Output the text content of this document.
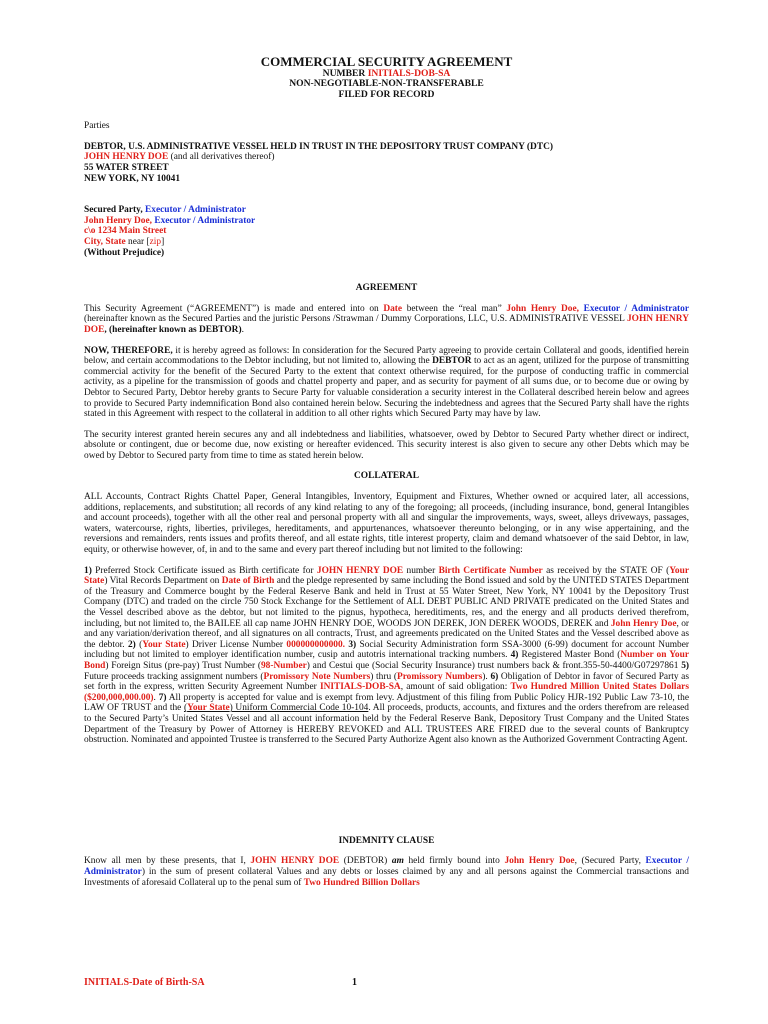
COMMERCIAL SECURITY AGREEMENT
NUMBER INITIALS-DOB-SA
NON-NEGOTIABLE-NON-TRANSFERABLE
FILED FOR RECORD

Parties

DEBTOR, U.S. ADMINISTRATIVE VESSEL HELD IN TRUST IN THE DEPOSITORY TRUST COMPANY (DTC)

JOHN HENRY DOE (and all derivatives thereof)

55 WATER STREET

NEW YORK, NY 10041

Secured Party, Executor / Administrator

John Henry Doe, Executor / Administrator

c\o 1234 Main Street

City, State near [zip]

(Without Prejudice)

AGREEMENT

This Security Agreement (“AGREEMENT”) is made and entered into on Date between the “real man” John Henry Doe, Executor / Administrator (hereinafter known as the Secured Parties and the juristic Persons /Strawman / Dummy Corporations, LLC, U.S. ADMINISTRATIVE VESSEL JOHN HENRY DOE, (hereinafter known as DEBTOR).

NOW, THEREFORE, it is hereby agreed as follows: In consideration for the Secured Party agreeing to provide certain Collateral and goods, identified herein below, and certain accommodations to the Debtor including, but not limited to, allowing the DEBTOR to act as an agent, utilized for the purpose of transmitting commercial activity for the benefit of the Secured Party to the extent that context otherwise required, for the purpose of conducting traffic in commercial activity, as a pipeline for the transmission of goods and chattel property and paper, and as security for payment of all sums due, or to become due or owing by Debtor to Secured Party, Debtor hereby grants to Secure Party for valuable consideration a security interest in the Collateral described herein below and agrees to provide to Secured Party indemnification Bond also contained herein below. Securing the indebtedness and agrees that the Secured Party shall have the rights stated in this Agreement with respect to the collateral in addition to all other rights which Secured Party may have by law.

The security interest granted herein secures any and all indebtedness and liabilities, whatsoever, owed by Debtor to Secured Party whether direct or indirect, absolute or contingent, due or become due, now existing or hereafter evidenced. This security interest is also given to secure any other Debts which may be owed by Debtor to Secured party from time to time as stated herein below.

COLLATERAL

ALL Accounts, Contract Rights Chattel Paper, General Intangibles, Inventory, Equipment and Fixtures, Whether owned or acquired later, all accessions, additions, replacements, and substitution; all records of any kind relating to any of the foregoing; all proceeds, (including insurance, bond, general Intangibles and account proceeds), together with all the other real and personal property with all and singular the improvements, ways, sweet, alleys driveways, passages, waters, watercourse, rights, liberties, privileges, hereditaments, and appurtenances, whatsoever thereunto belonging, or in any wise appertaining, and the reversions and remainders, rents issues and profits thereof, and all estate rights, title interest property, claim and demand whatsoever of the said Debtor, in law, equity, or otherwise however, of, in and to the same and every part thereof including but not limited to the following:

1) Preferred Stock Certificate issued as Birth certificate for JOHN HENRY DOE number Birth Certificate Number as received by the STATE OF (Your State) Vital Records Department on Date of Birth and the pledge represented by same including the Bond issued and sold by the UNITED STATES Department of the Treasury and Commerce bought by the Federal Reserve Bank and held in Trust at 55 Water Street, New York, NY 10041 by the Depository Trust Company (DTC) and traded on the circle 750 Stock Exchange for the Settlement of ALL DEBT PUBLIC AND PRIVATE predicated on the United States and the Vessel described above as the debtor, but not limited to the pignus, hypotheca, hereditiments, res, and the energy and all products derived therefrom, including, but not limited to, the BAILEE all cap name JOHN HENRY DOE, WOODS JON DEREK, JON DEREK WOODS, DEREK and John Henry Doe, or and any variation/derivation thereof, and all signatures on all contracts, Trust, and agreements predicated on the United States and the Vessel described above as the debtor. 2) (Your State) Driver License Number 000000000000. 3) Social Security Administration form SSA-3000 (6-99) document for account Number including but not limited to employer identification number, cusip and autotris international tracking numbers. 4) Registered Master Bond (Number on Your Bond) Foreign Situs (pre-pay) Trust Number (98-Number) and Cestui que (Social Security Insurance) trust numbers back & front.355-50-4400/G07297861 5) Future proceeds tracking assignment numbers (Promissory Note Numbers) thru (Promissory Numbers). 6) Obligation of Debtor in favor of Secured Party as set forth in the express, written Security Agreement Number INITIALS-DOB-SA, amount of said obligation: Two Hundred Million United States Dollars ($200,000,000.00). 7) All property is accepted for value and is exempt from levy. Adjustment of this filing from Public Policy HJR-192 Public Law 73-10, the LAW OF TRUST and the (Your State) Uniform Commercial Code 10-104. All proceeds, products, accounts, and fixtures and the orders therefrom are released to the Secured Party’s United States Vessel and all account information held by the Federal Reserve Bank, Depository Trust Company and the United States Department of the Treasury by Power of Attorney is HEREBY REVOKED and ALL TRUSTEES ARE FIRED due to the several counts of Bankruptcy obstruction. Nominated and appointed Trustee is transferred to the Secured Party Authorize Agent also known as the Authorized Government Contracting Agent.

INDEMNITY CLAUSE

Know all men by these presents, that I, JOHN HENRY DOE (DEBTOR) am held firmly bound into John Henry Doe, (Secured Party, Executor / Administrator) in the sum of present collateral Values and any debts or losses claimed by any and all persons against the Commercial transactions and Investments of aforesaid Collateral up to the penal sum of Two Hundred Billion Dollars

INITIALS-Date of Birth-SA	1
